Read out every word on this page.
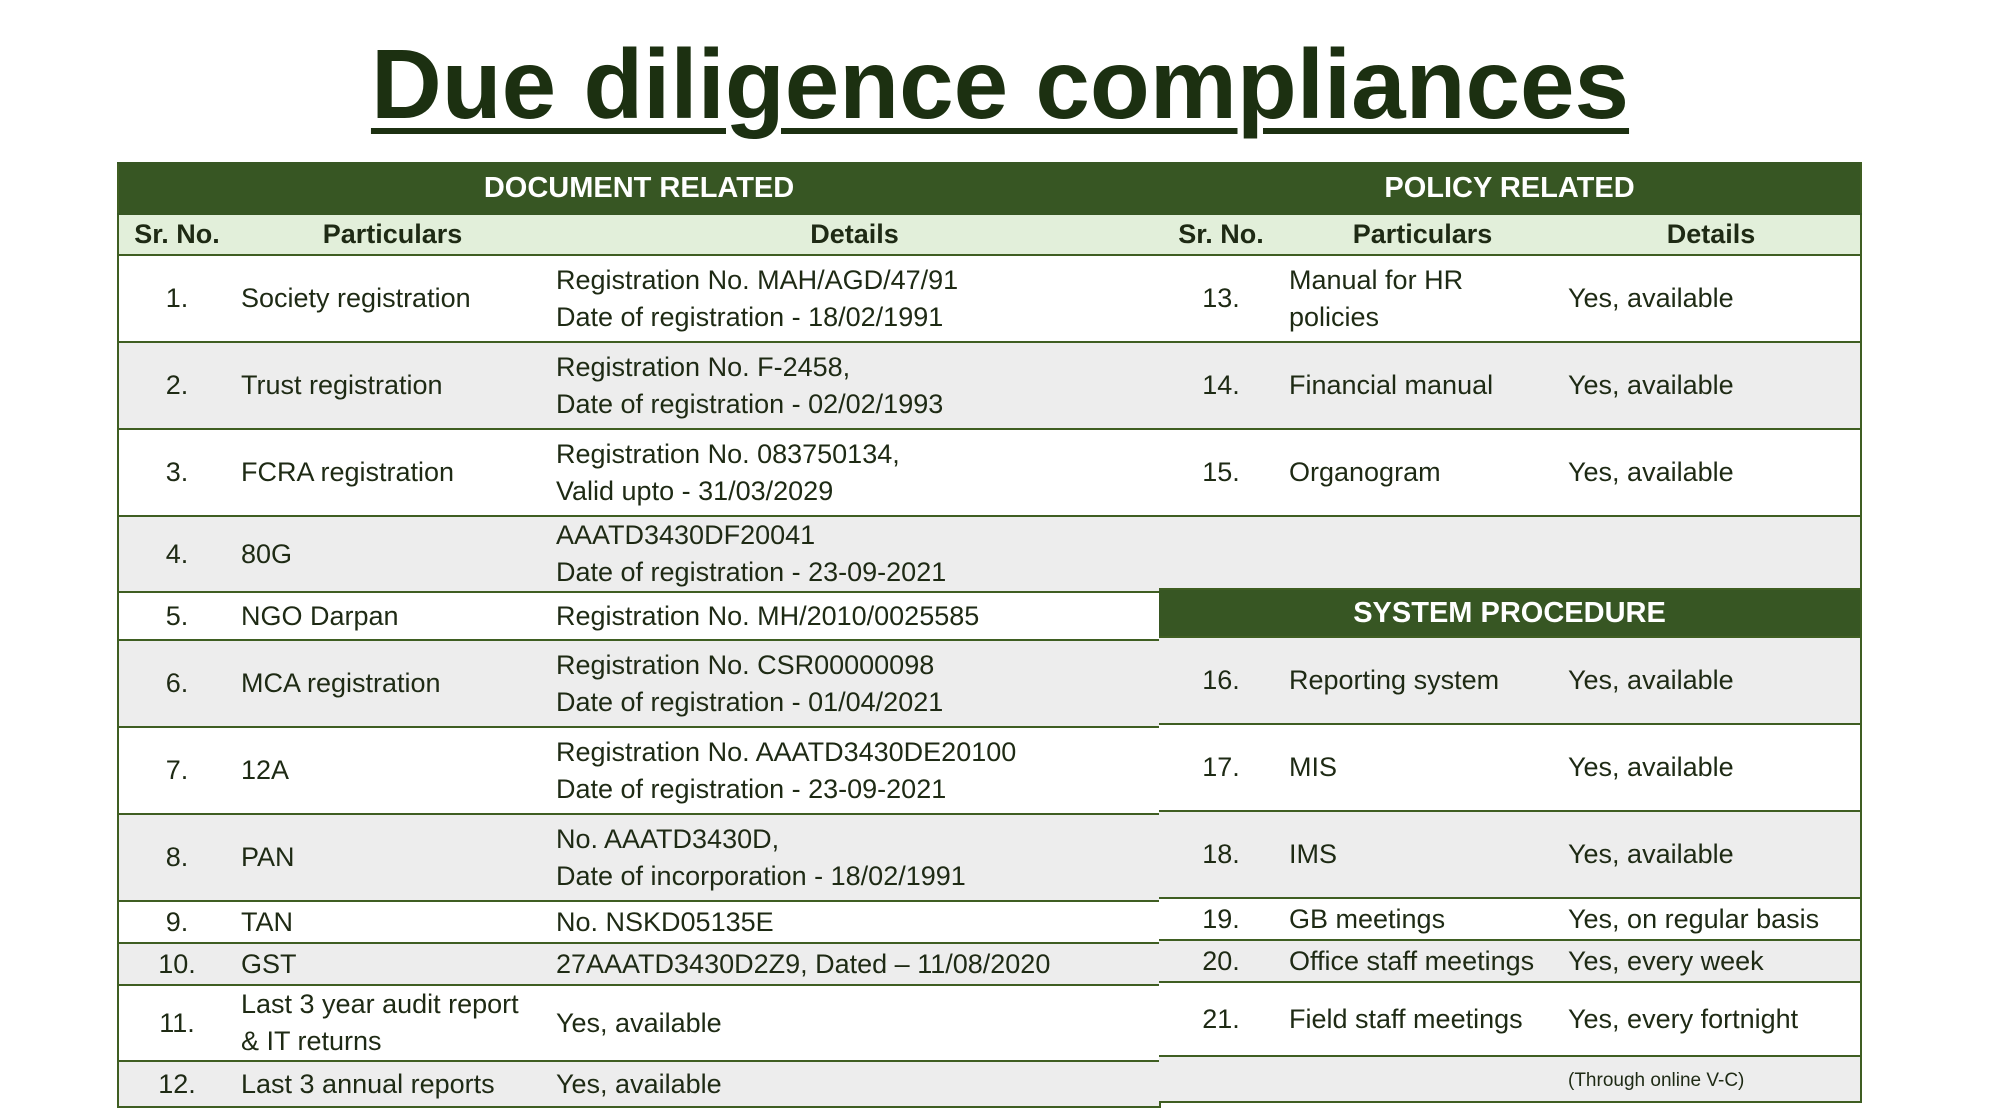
Due diligence compliances
DOCUMENT RELATED		
Sr. No.	Particulars	Details
1.	Society registration	Registration No. MAH/AGD/47/91
Date of registration - 18/02/1991

2.	Trust registration	Registration No. F-2458,
Date of registration - 02/02/1993

3.	FCRA registration	Registration No. 083750134,
Valid upto - 31/03/2029

4.	80G	AAATD3430DF20041
Date of registration - 23-09-2021

5.	NGO Darpan	Registration No. MH/2010/0025585

6.	MCA registration	Registration No. CSR00000098
Date of registration - 01/04/2021

7.	12A	Registration No. AAATD3430DE20100
Date of registration - 23-09-2021

8.	PAN	No. AAATD3430D,
Date of incorporation - 18/02/1991

9.	TAN	No. NSKD05135E

10.	GST	27AAATD3430D2Z9, Dated – 11/08/2020

11.	Last 3 year audit report & IT returns	Yes, available

12.	Last 3 annual reports	Yes, available
POLICY RELATED		
Sr. No.	Particulars	Details
13.	Manual for HR policies	Yes, available
14.	Financial manual	Yes, available
15.	Organogram	Yes, available

SYSTEM PROCEDURE		
16.	Reporting system	Yes, available
17.	MIS	Yes, available
18.	IMS	Yes, available
19.	GB meetings	Yes, on regular basis
20.	Office staff meetings	Yes, every week
21.	Field staff meetings	Yes, every fortnight
		(Through online V-C)
